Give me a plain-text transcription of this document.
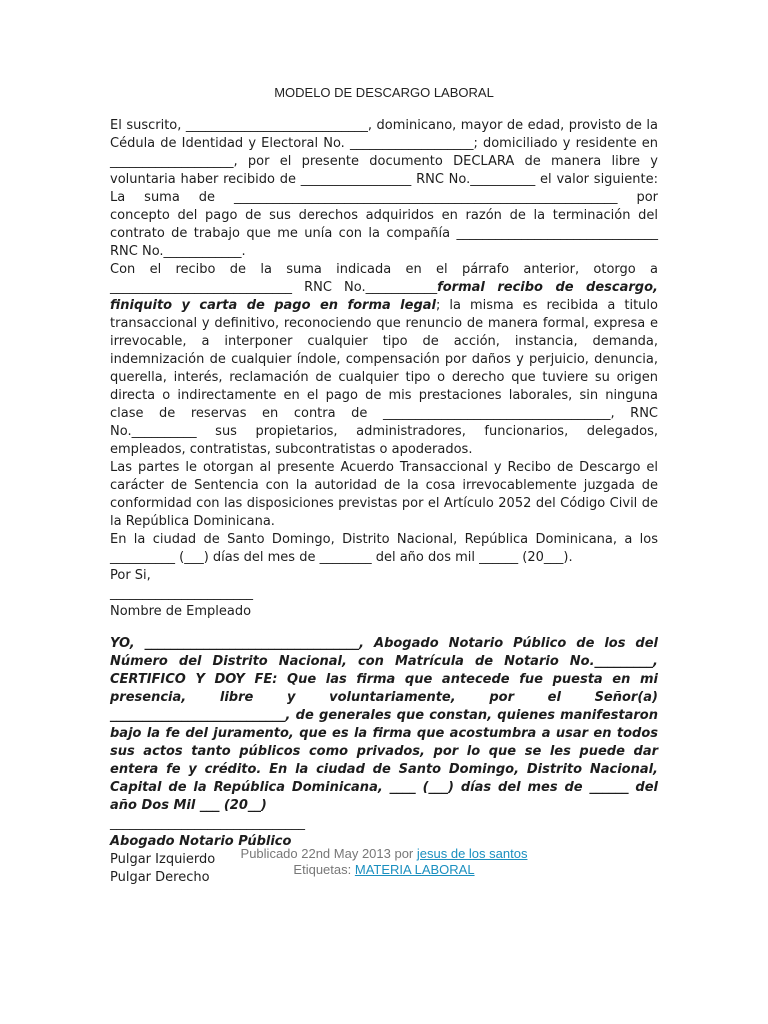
MODELO DE DESCARGO LABORAL

El suscrito, ____________________________, dominicano, mayor de edad, provisto de la Cédula de Identidad y Electoral No. ___________________; domiciliado y residente en ___________________, por el presente documento DECLARA de manera libre y voluntaria haber recibido de _________________ RNC No.__________ el valor siguiente: La suma de ___________________________________________________________ por concepto del pago de sus derechos adquiridos en razón de la terminación del contrato de trabajo que me unía con la compañía _______________________________ RNC No.____________.

Con el recibo de la suma indicada en el párrafo anterior, otorgo a ____________________________ RNC No.___________formal recibo de descargo, finiquito y carta de pago en forma legal; la misma es recibida a titulo transaccional y definitivo, reconociendo que renuncio de manera formal, expresa e irrevocable, a interponer cualquier tipo de acción, instancia, demanda, indemnización de cualquier índole, compensación por daños y perjuicio, denuncia, querella, interés, reclamación de cualquier tipo o derecho que tuviere su origen directa o indirectamente en el pago de mis prestaciones laborales, sin ninguna clase de reservas en contra de ___________________________________, RNC No.__________ sus propietarios, administradores, funcionarios, delegados, empleados, contratistas, subcontratistas o apoderados.

Las partes le otorgan al presente Acuerdo Transaccional y Recibo de Descargo el carácter de Sentencia con la autoridad de la cosa irrevocablemente juzgada de conformidad con las disposiciones previstas por el Artículo 2052 del Código Civil de la República Dominicana.

En la ciudad de Santo Domingo, Distrito Nacional, República Dominicana, a los __________ (___) días del mes de ________ del año dos mil ______ (20___).

Por Si,

______________________

Nombre de Empleado

YO, _________________________________, Abogado Notario Público de los del Número del Distrito Nacional, con Matrícula de Notario No._________, CERTIFICO Y DOY FE: Que las firma que antecede fue puesta en mi presencia, libre y voluntariamente, por el Señor(a) ___________________________, de generales que constan, quienes manifestaron bajo la fe del juramento, que es la firma que acostumbra a usar en todos sus actos tanto públicos como privados, por lo que se les puede dar entera fe y crédito. En la ciudad de Santo Domingo, Distrito Nacional, Capital de la República Dominicana, ____ (___) días del mes de ______ del año Dos Mil ___ (20__)

______________________________

Abogado Notario Público

Pulgar Izquierdo

Pulgar Derecho

Publicado 22nd May 2013 por jesus de los santos
Etiquetas: MATERIA LABORAL
